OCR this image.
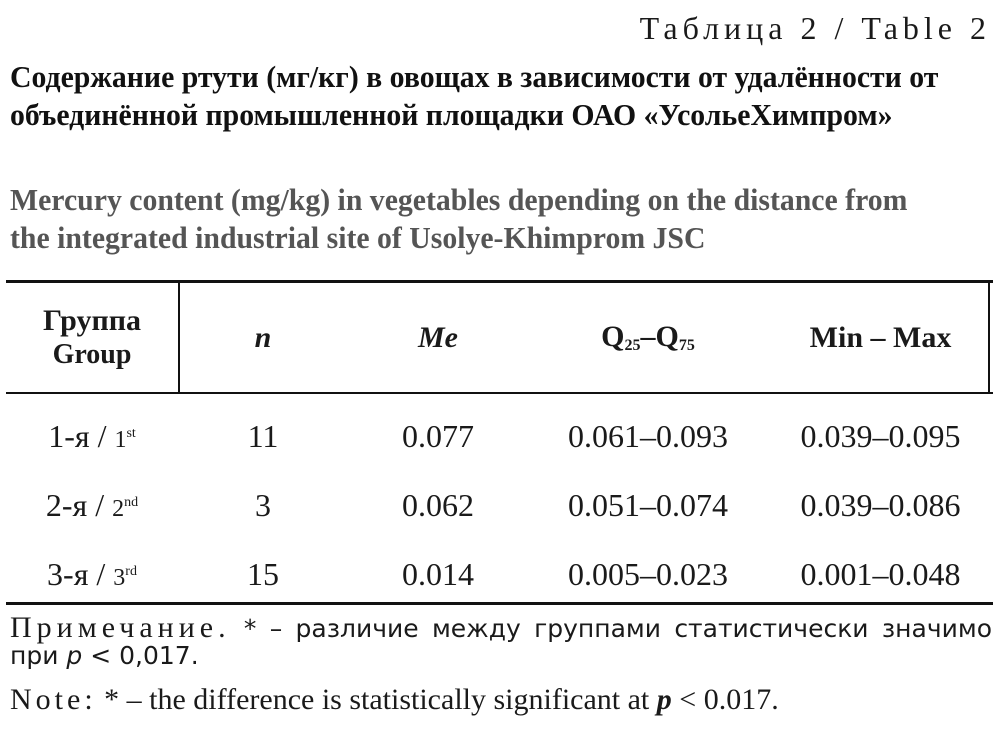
Таблица 2 / Table 2
Содержание ртути (мг/кг) в овощах в зависимости от удалённости от объединённой промышленной площадки ОАО «УсольеХимпром»
Mercury content (mg/kg) in vegetables depending on the distance from the integrated industrial site of Usolye-Khimprom JSC
Группа
Group	n	Me	$Q_{25}-Q_{75}$	Min – Max
1-я / 1st	11	0.077	0.061–0.093	0.039–0.095
2-я / 2nd	3	0.062	0.051–0.074	0.039–0.086
3-я / 3rd	15	0.014	0.005–0.023	0.001–0.048
Примечание. * – различие между группами статистически значимо при p < 0,017.
Note: * – the difference is statistically significant at p < 0.017.
